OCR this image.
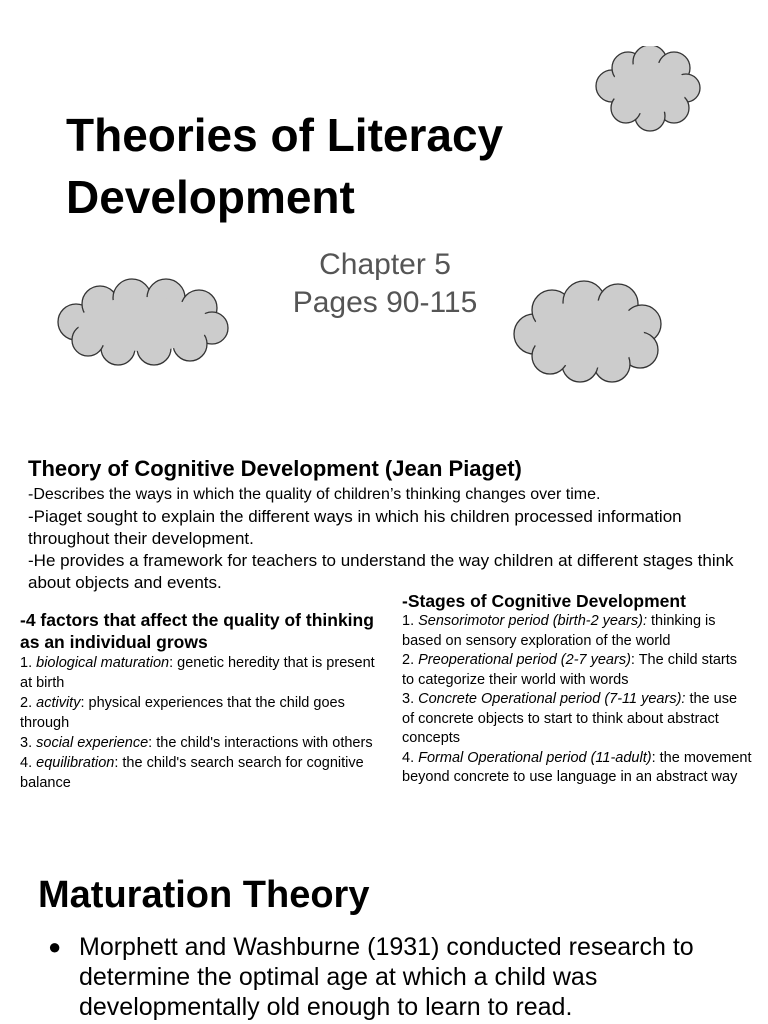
Theories of Literacy
Development
Chapter 5
Pages 90-115
Theory of Cognitive Development (Jean Piaget)

-Describes the ways in which the quality of children’s thinking changes over time.

-Piaget sought to explain the different ways in which his children processed information throughout their development.

-He provides a framework for teachers to understand the way children at different stages think about objects and events.

-4 factors that affect the quality of thinking as an individual grows

1. biological maturation: genetic heredity that is present at birth

2. activity: physical experiences that the child goes through

3. social experience: the child's interactions with others

4. equilibration: the child's search search for cognitive balance

-Stages of Cognitive Development

1. Sensorimotor period (birth-2 years): thinking is based on sensory exploration of the world

2. Preoperational period (2-7 years): The child starts to categorize their world with words

3. Concrete Operational period (7-11 years): the use of concrete objects to start to think about abstract concepts

4. Formal Operational period (11-adult): the movement beyond concrete to use language in an abstract way

Maturation Theory
● Morphett and Washburne (1931) conducted research to determine the optimal age at which a child was developmentally old enough to learn to read.
